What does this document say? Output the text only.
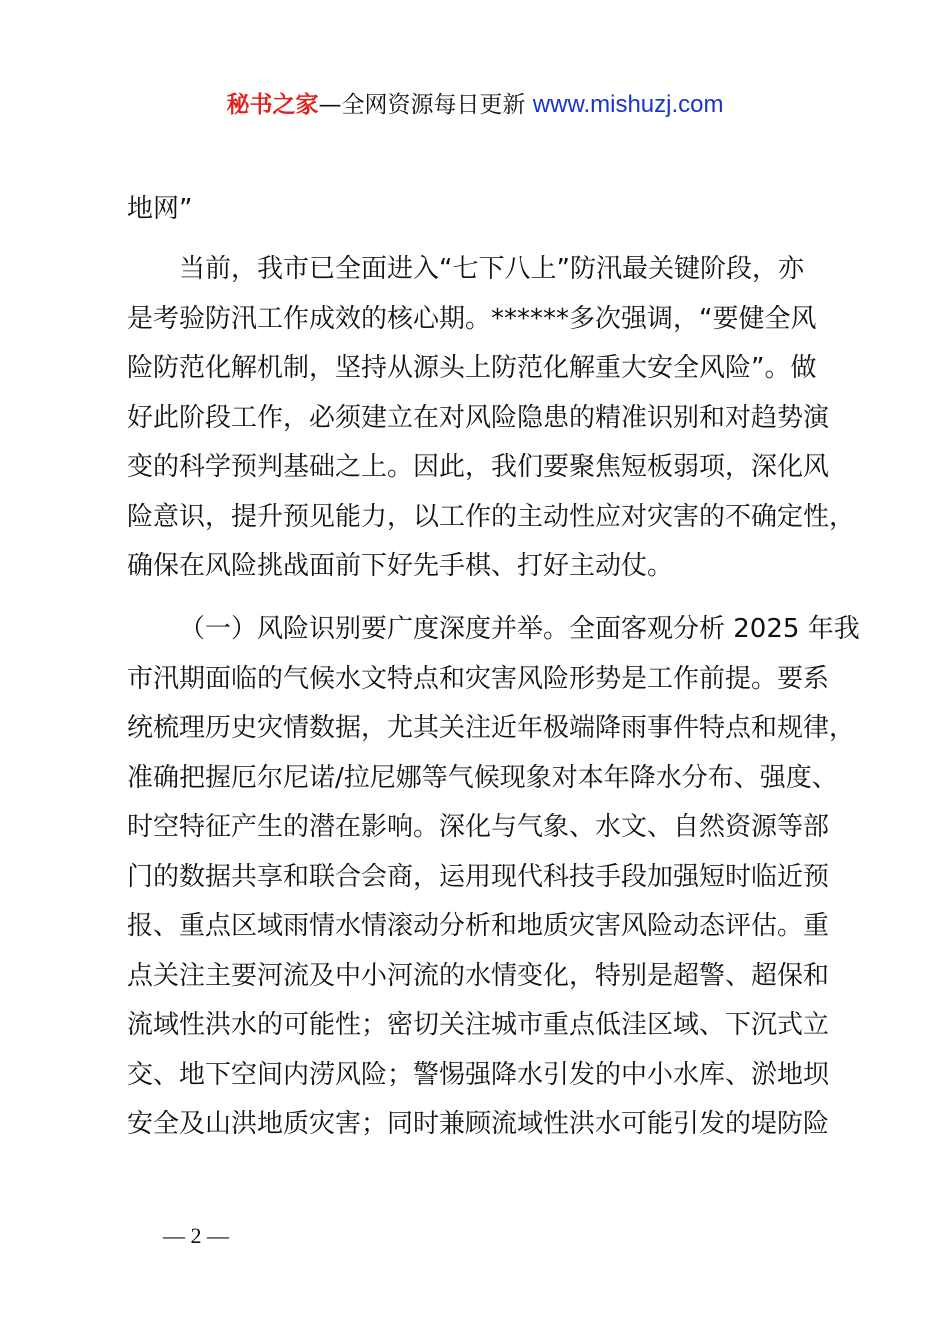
秘书之家—全网资源每日更新 www.mishuzj.com
地网”
当前，我市已全面进入“七下八上”防汛最关键阶段，亦
是考验防汛工作成效的核心期。******多次强调，“要健全风
险防范化解机制，坚持从源头上防范化解重大安全风险”。做
好此阶段工作，必须建立在对风险隐患的精准识别和对趋势演
变的科学预判基础之上。因此，我们要聚焦短板弱项，深化风
险意识，提升预见能力，以工作的主动性应对灾害的不确定性，
确保在风险挑战面前下好先手棋、打好主动仗。
（一）风险识别要广度深度并举。全面客观分析 2025 年我
市汛期面临的气候水文特点和灾害风险形势是工作前提。要系
统梳理历史灾情数据，尤其关注近年极端降雨事件特点和规律，
准确把握厄尔尼诺/拉尼娜等气候现象对本年降水分布、强度、
时空特征产生的潜在影响。深化与气象、水文、自然资源等部
门的数据共享和联合会商，运用现代科技手段加强短时临近预
报、重点区域雨情水情滚动分析和地质灾害风险动态评估。重
点关注主要河流及中小河流的水情变化，特别是超警、超保和
流域性洪水的可能性；密切关注城市重点低洼区域、下沉式立
交、地下空间内涝风险；警惕强降水引发的中小水库、淤地坝
安全及山洪地质灾害；同时兼顾流域性洪水可能引发的堤防险
— 2 —
